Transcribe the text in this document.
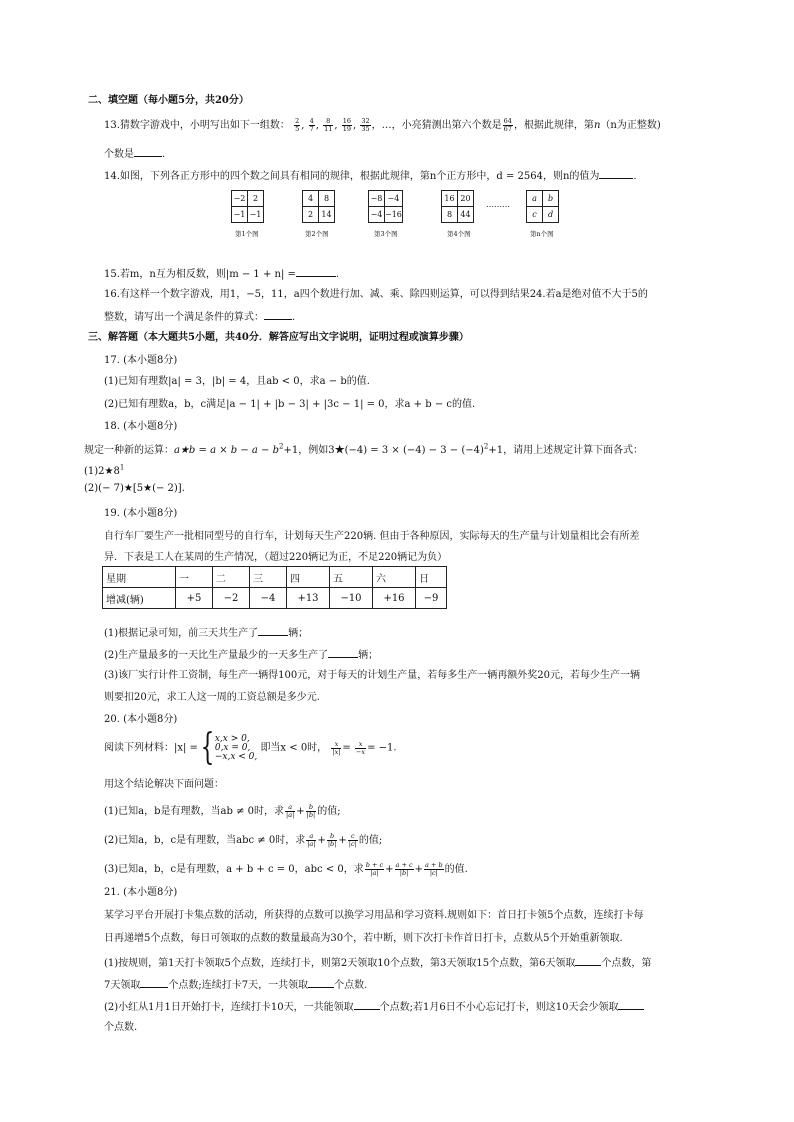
二、填空题（每小题5分，共20分）
13.猜数字游戏中，小明写出如下一组数： $\frac{2}{5}$ , $\frac{4}{7}$ , $\frac{8}{11}$ , $\frac{16}{19}$ , $\frac{32}{35}$ ，…，小亮猜测出第六个数是 $\frac{64}{67}$ ，根据此规律，第n（n为正整数)
个数是	.
14.如图，下列各正方形中的四个数之间具有相同的规律，根据此规律，第n个正方形中，d = 2564，则n的值为	.
−2	2
−1	−1
第1个图
4	8
2	14
第2个图
−8	−4
−4	−16
第3个图
16	20
8	44
第4个图
………
a	b
c	d
第n个图
15.若m，n互为相反数，则|m − 1 + n| =	.
16.有这样一个数字游戏，用1，−5，11，a四个数进行加、减、乘、除四则运算，可以得到结果24.若a是绝对值不大于5的
整数，请写出一个满足条件的算式：	.
三、解答题（本大题共5小题，共40分．解答应写出文字说明，证明过程或演算步骤）
17. (本小题8分)
(1)已知有理数|a| = 3，|b| = 4，且ab < 0，求a − b的值.
(2)已知有理数a，b，c满足|a − 1| + |b − 3| + |3c − 1| = 0，求a + b − c的值.
18. (本小题8分)
规定一种新的运算：a★b = $a \times b - a - b^2+1$，例如3★(−4) = $3 \times (-4) - 3 - (-4)^2+1$，请用上述规定计算下面各式：
$(1)2★8^1$
(2)(− 7)★[5★(− 2)].
19. (本小题8分)
自行车厂要生产一批相同型号的自行车，计划每天生产220辆. 但由于各种原因，实际每天的生产量与计划量相比会有所差
异．下表是工人在某周的生产情况，（超过220辆记为正，不足220辆记为负）
星期	一	二	三	四	五	六	日
增减(辆)	+5	−2	−4	+13	−10	+16	−9
(1)根据记录可知，前三天共生产了	辆；
(2)生产量最多的一天比生产量最少的一天多生产了	辆；
(3)该厂实行计件工资制，每生产一辆得100元，对于每天的计划生产量，若每多生产一辆再额外奖20元，若每少生产一辆
则要扣20元，求工人这一周的工资总额是多少元.
20. (本小题8分)
阅读下列材料：|x| ={x,x > 0,
0,x = 0,
−x,x < 0, 即当x < 0时， $\frac{x}{|x|} = \frac{x}{-x} = -1$.
用这个结论解决下面问题：
(1)已知a，b是有理数，当ab ≠ 0时，求 $\frac{a}{|a|} + \frac{b}{|b|}$ 的值;
(2)已知a，b，c是有理数，当abc ≠ 0时，求 $\frac{a}{|a|} + \frac{b}{|b|} + \frac{c}{|c|}$ 的值;
(3)已知a，b，c是有理数，a + b + c = 0，abc < 0，求 $\frac{b + c}{|a|} + \frac{a + c}{|b|} + \frac{a + b}{|c|}$ 的值.
21. (本小题8分)
某学习平台开展打卡集点数的活动，所获得的点数可以换学习用品和学习资料.规则如下：首日打卡领5个点数，连续打卡每
日再递增5个点数，每日可领取的点数的数量最高为30个，若中断，则下次打卡作首日打卡，点数从5个开始重新领取.
(1)按规则，第1天打卡领取5个点数，连续打卡，则第2天领取10个点数，第3天领取15个点数，第6天领取	个点数，第
7天领取	个点数;连续打卡7天，一共领取	个点数.
(2)小红从1月1日开始打卡，连续打卡10天，一共能领取	个点数;若1月6日不小心忘记打卡，则这10天会少领取
个点数.
